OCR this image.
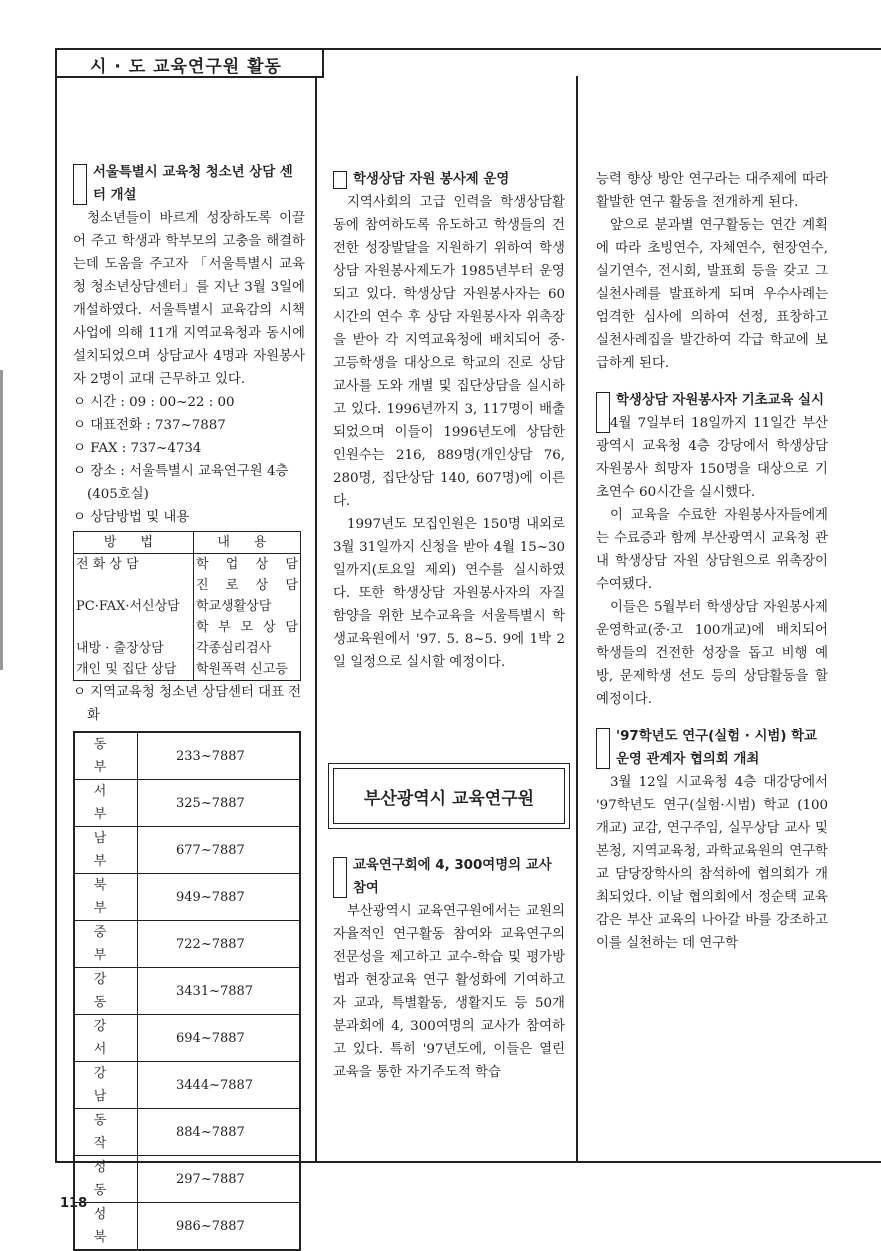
시 · 도 교육연구원 활동
서울특별시 교육청 청소년 상담 센터 개설

청소년들이 바르게 성장하도록 이끌어 주고 학생과 학부모의 고충을 해결하는데 도움을 주고자 「서울특별시 교육청 청소년상담센터」를 지난 3월 3일에 개설하였다. 서울특별시 교육감의 시책사업에 의해 11개 지역교육청과 동시에 설치되었으며 상담교사 4명과 자원봉사자 2명이 교대 근무하고 있다.

ㅇ 시간 : 09 : 00~22 : 00
ㅇ 대표전화 : 737~7887
ㅇ FAX : 737~4734
ㅇ 장소 : 서울특별시 교육연구원 4층(405호실)
ㅇ 상담방법 및 내용
방 법	내 용
전 화 상 담	학 업 상 담
	진 로 상 담
PC·FAX·서신상담	학교생활상담
	학 부 모 상 담
내방 · 출장상담	각종심리검사
개인 및 집단 상담	학원폭력 신고등
ㅇ 지역교육청 청소년 상담센터 대표 전화
동 부	233~7887
서 부	325~7887
남 부	677~7887
북 부	949~7887
중 부	722~7887
강 동	3431~7887
강 서	694~7887
강 남	3444~7887
동 작	884~7887
성 동	297~7887
성 북	986~7887
학생상담 자원 봉사제 운영

지역사회의 고급 인력을 학생상담활동에 참여하도록 유도하고 학생들의 건전한 성장발달을 지원하기 위하여 학생상담 자원봉사제도가 1985년부터 운영되고 있다. 학생상담 자원봉사자는 60시간의 연수 후 상담 자원봉사자 위촉장을 받아 각 지역교육청에 배치되어 중·고등학생을 대상으로 학교의 진로 상담교사를 도와 개별 및 집단상담을 실시하고 있다. 1996년까지 3, 117명이 배출되었으며 이들이 1996년도에 상담한 인원수는 216, 889명(개인상담 76, 280명, 집단상담 140, 607명)에 이른다.

1997년도 모집인원은 150명 내외로 3월 31일까지 신청을 받아 4월 15~30일까지(토요일 제외) 연수를 실시하였다. 또한 학생상담 자원봉사자의 자질 함양을 위한 보수교육을 서울특별시 학생교육원에서 '97. 5. 8~5. 9에 1박 2일 일정으로 실시할 예정이다.

부산광역시 교육연구원
교육연구회에 4, 300여명의 교사 참여

부산광역시 교육연구원에서는 교원의 자율적인 연구활동 참여와 교육연구의 전문성을 제고하고 교수-학습 및 평가방법과 현장교육 연구 활성화에 기여하고자 교과, 특별활동, 생활지도 등 50개 분과회에 4, 300여명의 교사가 참여하고 있다. 특히 '97년도에, 이들은 열린 교육을 통한 자기주도적 학습

능력 향상 방안 연구라는 대주제에 따라 활발한 연구 활동을 전개하게 된다.

앞으로 분과별 연구활동는 연간 계획에 따라 초빙연수, 자체연수, 현장연수, 실기연수, 전시회, 발표회 등을 갖고 그 실천사례를 발표하게 되며 우수사례는 엄격한 심사에 의하여 선정, 표창하고 실천사례집을 발간하여 각급 학교에 보급하게 된다.

학생상담 자원봉사자 기초교육 실시

4월 7일부터 18일까지 11일간 부산광역시 교육청 4층 강당에서 학생상담 자원봉사 희망자 150명을 대상으로 기초연수 60시간을 실시했다.

이 교육을 수료한 자원봉사자들에게는 수료증과 함께 부산광역시 교육청 관내 학생상담 자원 상담원으로 위촉장이 수여됐다.

이들은 5월부터 학생상담 자원봉사제 운영학교(중·고 100개교)에 배치되어 학생들의 건전한 성장을 돕고 비행 예방, 문제학생 선도 등의 상담활동을 할 예정이다.

'97학년도 연구(실험 · 시범) 학교 운영 관계자 협의회 개최

3월 12일 시교육청 4층 대강당에서 '97학년도 연구(실험·시범) 학교 (100개교) 교감, 연구주임, 실무상담 교사 및 본청, 지역교육청, 과학교육원의 연구학교 담당장학사의 참석하에 협의회가 개최되었다. 이날 협의회에서 정순택 교육감은 부산 교육의 나아갈 바를 강조하고 이를 실천하는 데 연구학

118
